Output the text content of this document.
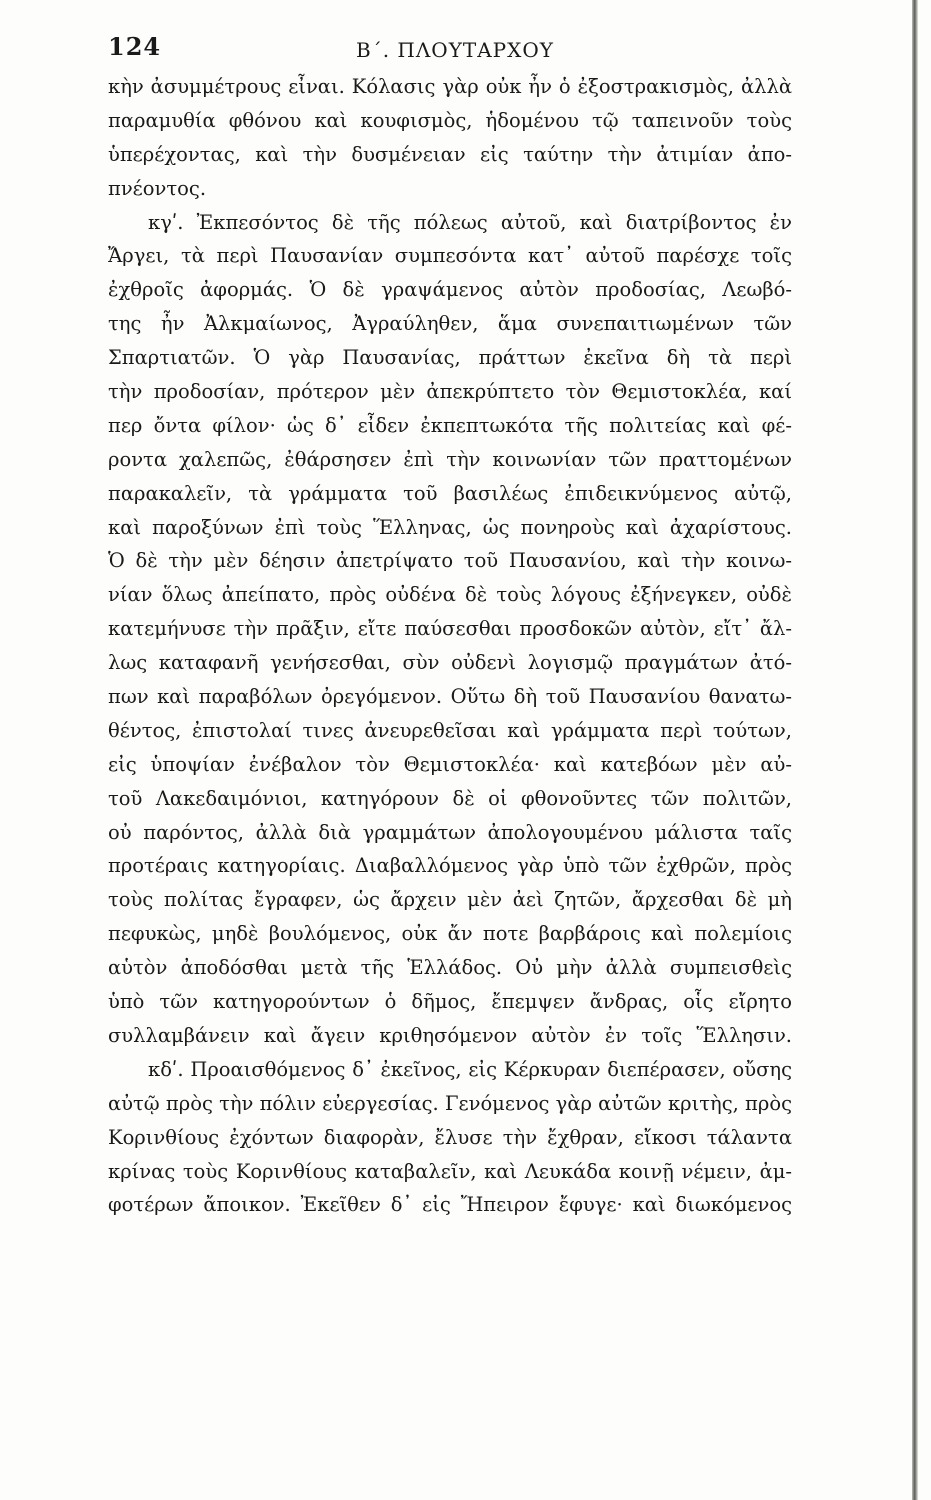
124	Β΄. ΠΛΟΥΤΑΡΧΟΥ
κὴν ἀσυμμέτρους εἶναι. Κόλασις γὰρ οὐκ ἦν ὁ ἐξοστρακισμὸς, ἀλλὰ
παραμυθία φθόνου καὶ κουφισμὸς, ἡδομένου τῷ ταπεινοῦν τοὺς
ὑπερέχοντας, καὶ τὴν δυσμένειαν εἰς ταύτην τὴν ἀτιμίαν ἀπο-
πνέοντος.
κγʹ. Ἐκπεσόντος δὲ τῆς πόλεως αὐτοῦ, καὶ διατρίβοντος ἐν
Ἄργει, τὰ περὶ Παυσανίαν συμπεσόντα κατ᾽ αὐτοῦ παρέσχε τοῖς
ἐχθροῖς ἀφορμάς. Ὁ δὲ γραψάμενος αὐτὸν προδοσίας, Λεωβό-
της ἦν Ἀλκμαίωνος, Ἀγραύληθεν, ἅμα συνεπαιτιωμένων τῶν
Σπαρτιατῶν. Ὁ γὰρ Παυσανίας, πράττων ἐκεῖνα δὴ τὰ περὶ
τὴν προδοσίαν, πρότερον μὲν ἀπεκρύπτετο τὸν Θεμιστοκλέα, καί
περ ὄντα φίλον· ὡς δ᾽ εἶδεν ἐκπεπτωκότα τῆς πολιτείας καὶ φέ-
ροντα χαλεπῶς, ἐθάρσησεν ἐπὶ τὴν κοινωνίαν τῶν πραττομένων
παρακαλεῖν, τὰ γράμματα τοῦ βασιλέως ἐπιδεικνύμενος αὐτῷ,
καὶ παροξύνων ἐπὶ τοὺς Ἕλληνας, ὡς πονηροὺς καὶ ἀχαρίστους.
Ὁ δὲ τὴν μὲν δέησιν ἀπετρίψατο τοῦ Παυσανίου, καὶ τὴν κοινω-
νίαν ὅλως ἀπείπατο, πρὸς οὐδένα δὲ τοὺς λόγους ἐξήνεγκεν, οὐδὲ
κατεμήνυσε τὴν πρᾶξιν, εἴτε παύσεσθαι προσδοκῶν αὐτὸν, εἴτ᾽ ἄλ-
λως καταφανῆ γενήσεσθαι, σὺν οὐδενὶ λογισμῷ πραγμάτων ἀτό-
πων καὶ παραβόλων ὀρεγόμενον. Οὕτω δὴ τοῦ Παυσανίου θανατω-
θέντος, ἐπιστολαί τινες ἀνευρεθεῖσαι καὶ γράμματα περὶ τούτων,
εἰς ὑποψίαν ἐνέβαλον τὸν Θεμιστοκλέα· καὶ κατεβόων μὲν αὐ-
τοῦ Λακεδαιμόνιοι, κατηγόρουν δὲ οἱ φθονοῦντες τῶν πολιτῶν,
οὐ παρόντος, ἀλλὰ διὰ γραμμάτων ἀπολογουμένου μάλιστα ταῖς
προτέραις κατηγορίαις. Διαβαλλόμενος γὰρ ὑπὸ τῶν ἐχθρῶν, πρὸς
τοὺς πολίτας ἔγραφεν, ὡς ἄρχειν μὲν ἀεὶ ζητῶν, ἄρχεσθαι δὲ μὴ
πεφυκὼς, μηδὲ βουλόμενος, οὐκ ἄν ποτε βαρβάροις καὶ πολεμίοις
αὑτὸν ἀποδόσθαι μετὰ τῆς Ἑλλάδος. Οὐ μὴν ἀλλὰ συμπεισθεὶς
ὑπὸ τῶν κατηγορούντων ὁ δῆμος, ἔπεμψεν ἄνδρας, οἷς εἴρητο
συλλαμβάνειν καὶ ἄγειν κριθησόμενον αὐτὸν ἐν τοῖς Ἕλλησιν.
κδʹ. Προαισθόμενος δ᾽ ἐκεῖνος, εἰς Κέρκυραν διεπέρασεν, οὔσης
αὐτῷ πρὸς τὴν πόλιν εὐεργεσίας. Γενόμενος γὰρ αὐτῶν κριτὴς, πρὸς
Κορινθίους ἐχόντων διαφορὰν, ἔλυσε τὴν ἔχθραν, εἴκοσι τάλαντα
κρίνας τοὺς Κορινθίους καταβαλεῖν, καὶ Λευκάδα κοινῇ νέμειν, ἀμ-
φοτέρων ἄποικον. Ἐκεῖθεν δ᾽ εἰς Ἤπειρον ἔφυγε· καὶ διωκόμενος
